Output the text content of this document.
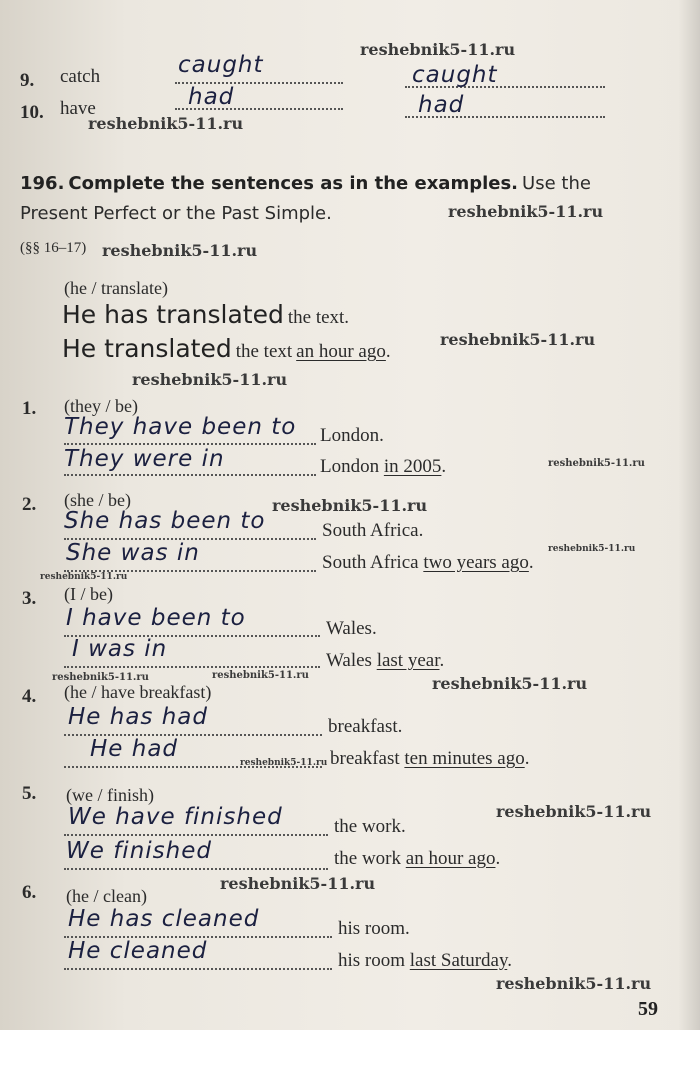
reshebnik5-11.ru
9. catch	caught	caught
10. have	had	had
reshebnik5-11.ru
196. Complete the sentences as in the examples. Use the
Present Perfect or the Past Simple.	reshebnik5-11.ru
(§§ 16–17) reshebnik5-11.ru
(he / translate)
He has translated the text.
reshebnik5-11.ru
He translated the text an hour ago.
reshebnik5-11.ru
1. (they / be)
They have been to London.
They were in	London in 2005.	reshebnik5-11.ru
2. (she / be)	reshebnik5-11.ru
She has been to	South Africa.
reshebnik5-11.ru
She was in	South Africa two years ago.
reshebnik5-11.ru
3. (I / be)
I have been to	Wales.
I was in	Wales last year.
reshebnik5-11.ru	reshebnik5-11.ru	reshebnik5-11.ru
4. (he / have breakfast)
He has had	breakfast.
He had
reshebnik5-11.ru breakfast ten minutes ago.
5. (we / finish)
reshebnik5-11.ru
We have finished	the work.
We finished	the work an hour ago.
6. (he / clean)
reshebnik5-11.ru
He has cleaned	his room.
He cleaned	his room last Saturday.
reshebnik5-11.ru
59
